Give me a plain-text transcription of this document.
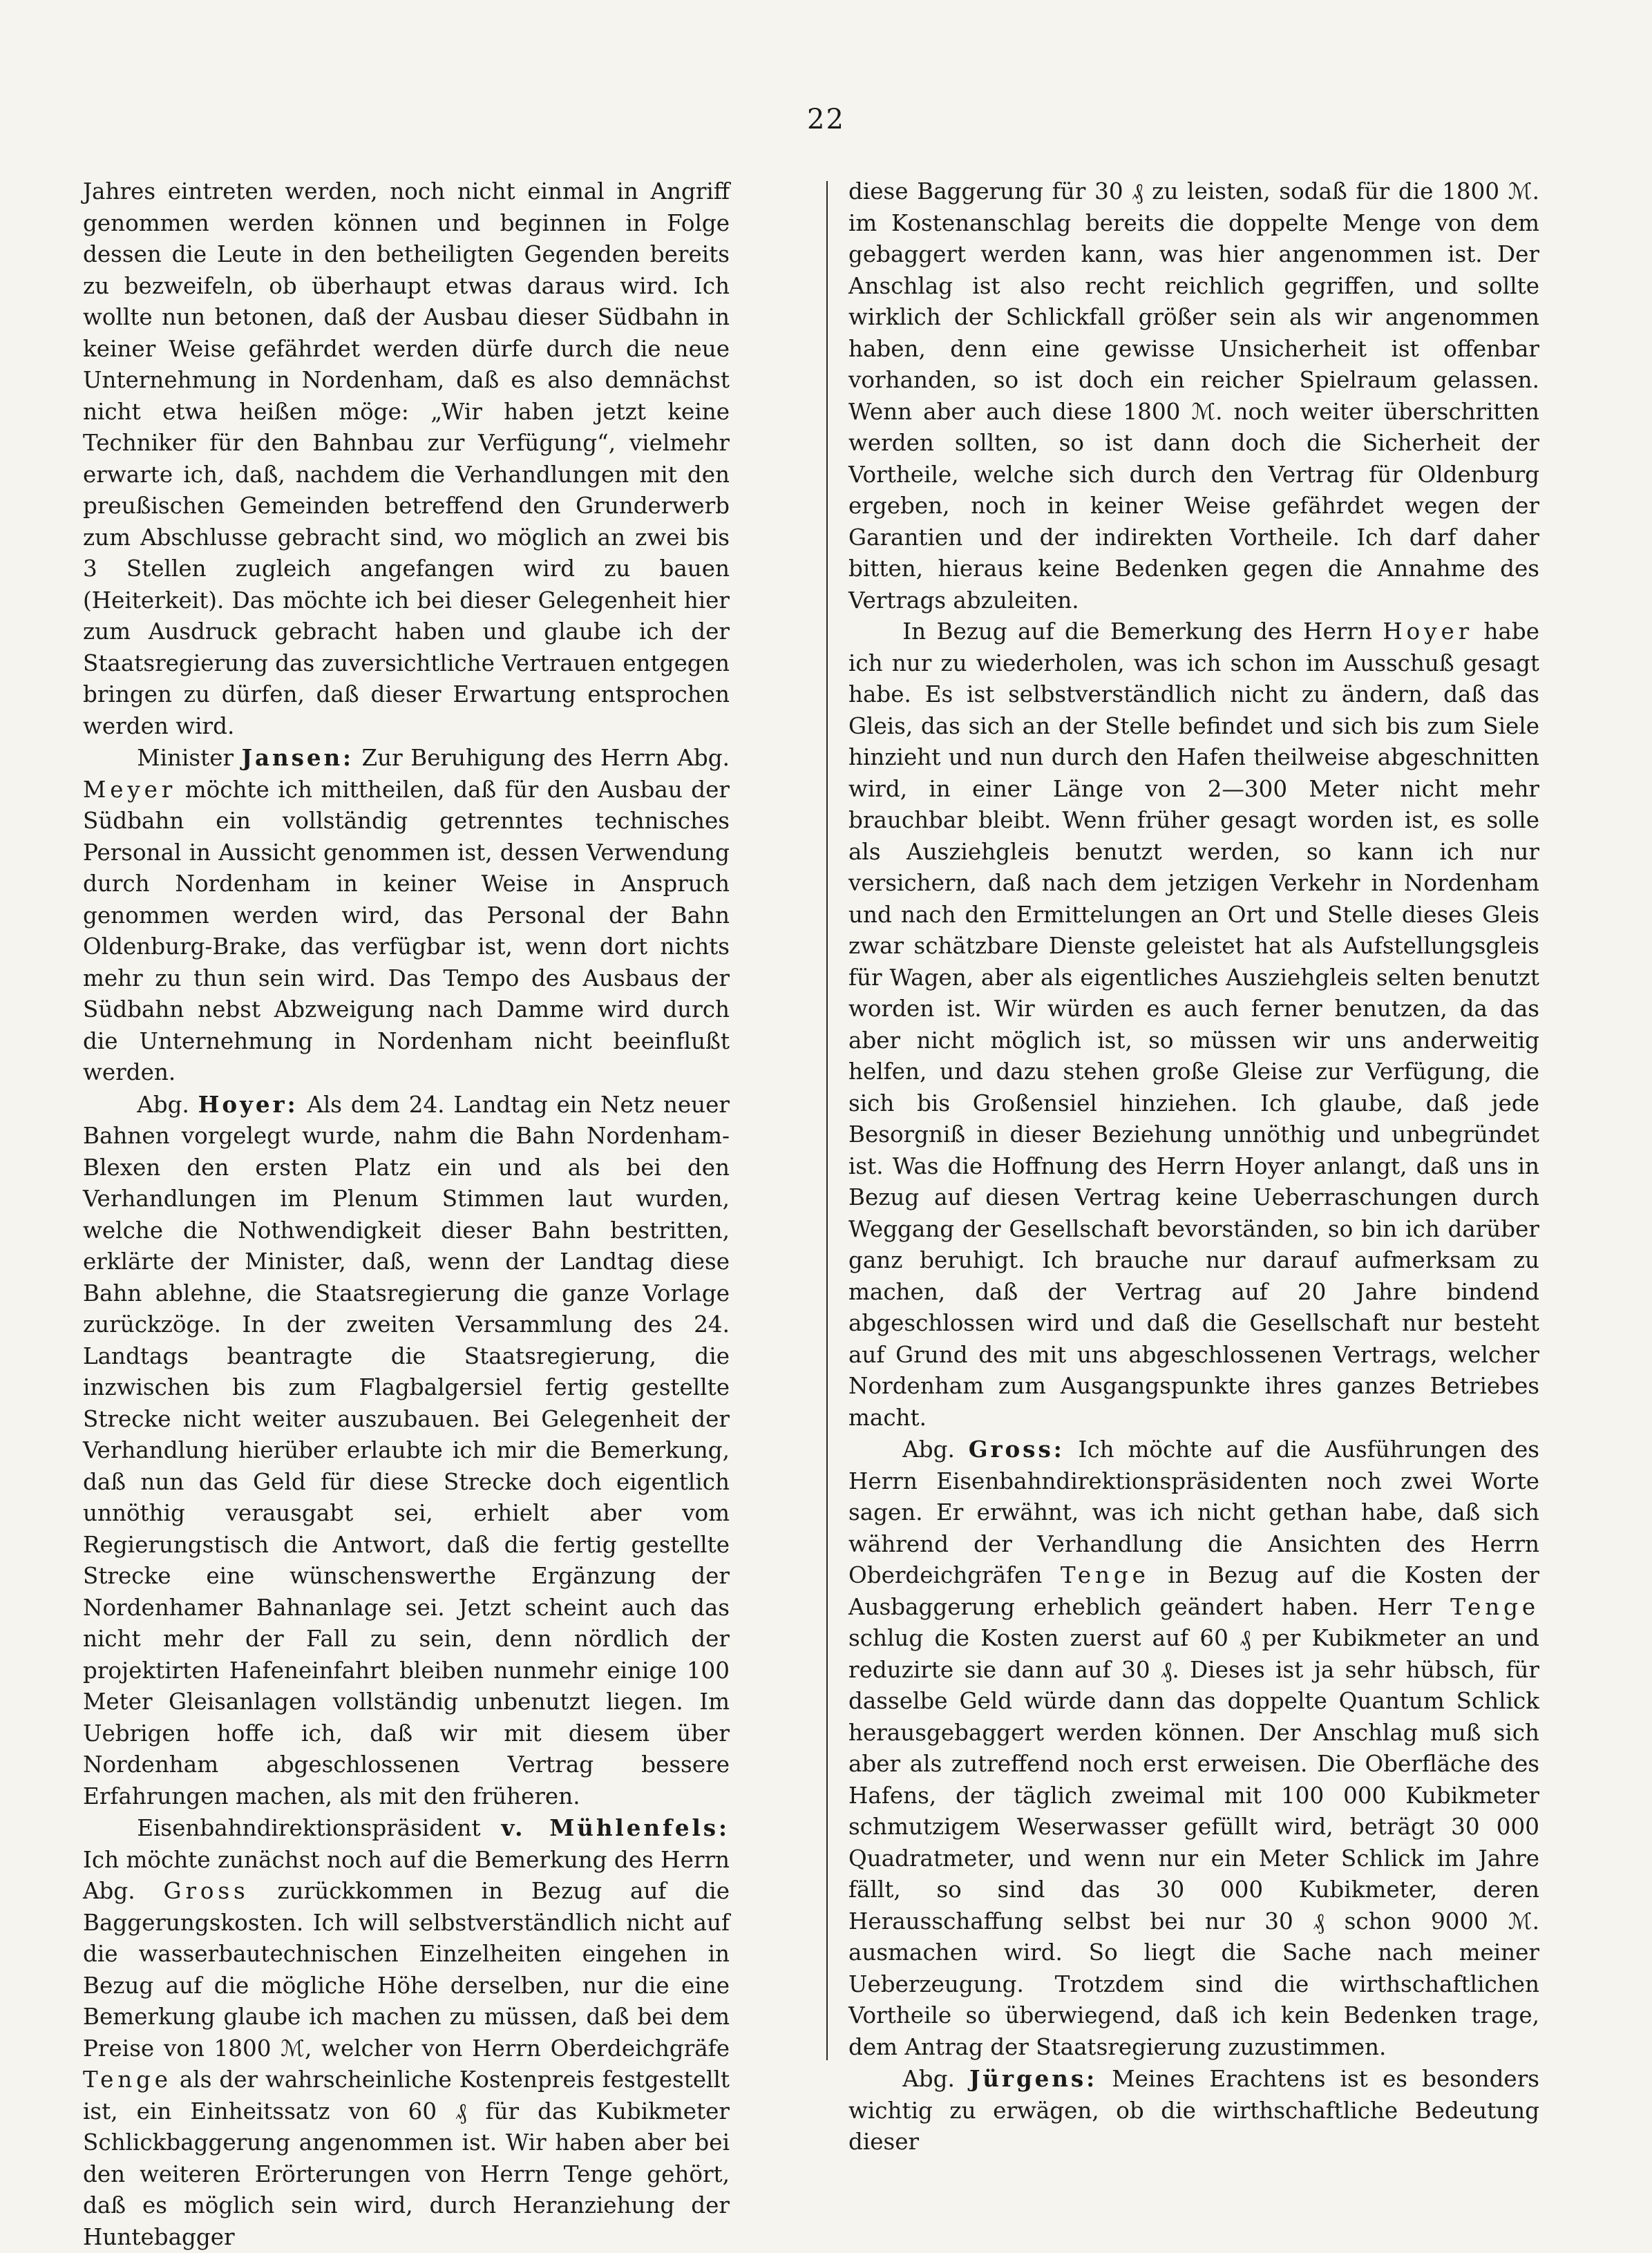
22

Jahres eintreten werden, noch nicht einmal in Angriff genommen werden können und beginnen in Folge dessen die Leute in den betheiligten Gegenden bereits zu bezweifeln, ob überhaupt etwas daraus wird. Ich wollte nun betonen, daß der Ausbau dieser Südbahn in keiner Weise gefährdet werden dürfe durch die neue Unternehmung in Nordenham, daß es also demnächst nicht etwa heißen möge: „Wir haben jetzt keine Techniker für den Bahnbau zur Verfügung“, vielmehr erwarte ich, daß, nachdem die Verhandlungen mit den preußischen Gemeinden betreffend den Grunderwerb zum Abschlusse gebracht sind, wo möglich an zwei bis 3 Stellen zugleich angefangen wird zu bauen (Heiterkeit). Das möchte ich bei dieser Gelegenheit hier zum Ausdruck gebracht haben und glaube ich der Staatsregierung das zuversichtliche Vertrauen entgegen bringen zu dürfen, daß dieser Erwartung entsprochen werden wird.

Minister Jansen: Zur Beruhigung des Herrn Abg. Meyer möchte ich mittheilen, daß für den Ausbau der Südbahn ein vollständig getrenntes technisches Personal in Aussicht genommen ist, dessen Verwendung durch Nordenham in keiner Weise in Anspruch genommen werden wird, das Personal der Bahn Oldenburg-Brake, das verfügbar ist, wenn dort nichts mehr zu thun sein wird. Das Tempo des Ausbaus der Südbahn nebst Abzweigung nach Damme wird durch die Unternehmung in Nordenham nicht beeinflußt werden.

Abg. Hoyer: Als dem 24. Landtag ein Netz neuer Bahnen vorgelegt wurde, nahm die Bahn Nordenham-Blexen den ersten Platz ein und als bei den Verhandlungen im Plenum Stimmen laut wurden, welche die Nothwendigkeit dieser Bahn bestritten, erklärte der Minister, daß, wenn der Landtag diese Bahn ablehne, die Staatsregierung die ganze Vorlage zurückzöge. In der zweiten Versammlung des 24. Landtags beantragte die Staatsregierung, die inzwischen bis zum Flagbalgersiel fertig gestellte Strecke nicht weiter auszubauen. Bei Gelegenheit der Verhandlung hierüber erlaubte ich mir die Bemerkung, daß nun das Geld für diese Strecke doch eigentlich unnöthig verausgabt sei, erhielt aber vom Regierungstisch die Antwort, daß die fertig gestellte Strecke eine wünschenswerthe Ergänzung der Nordenhamer Bahnanlage sei. Jetzt scheint auch das nicht mehr der Fall zu sein, denn nördlich der projektirten Hafeneinfahrt bleiben nunmehr einige 100 Meter Gleisanlagen vollständig unbenutzt liegen. Im Uebrigen hoffe ich, daß wir mit diesem über Nordenham abgeschlossenen Vertrag bessere Erfahrungen machen, als mit den früheren.

Eisenbahndirektionspräsident v. Mühlenfels: Ich möchte zunächst noch auf die Bemerkung des Herrn Abg. Gross zurückkommen in Bezug auf die Baggerungskosten. Ich will selbstverständlich nicht auf die wasserbautechnischen Einzelheiten eingehen in Bezug auf die mögliche Höhe derselben, nur die eine Bemerkung glaube ich machen zu müssen, daß bei dem Preise von 1800 ℳ, welcher von Herrn Oberdeichgräfe Tenge als der wahrscheinliche Kostenpreis festgestellt ist, ein Einheitssatz von 60 ₰ für das Kubikmeter Schlickbaggerung angenommen ist. Wir haben aber bei den weiteren Erörterungen von Herrn Tenge gehört, daß es möglich sein wird, durch Heranziehung der Huntebagger

diese Baggerung für 30 ₰ zu leisten, sodaß für die 1800 ℳ. im Kostenanschlag bereits die doppelte Menge von dem gebaggert werden kann, was hier angenommen ist. Der Anschlag ist also recht reichlich gegriffen, und sollte wirklich der Schlickfall größer sein als wir angenommen haben, denn eine gewisse Unsicherheit ist offenbar vorhanden, so ist doch ein reicher Spielraum gelassen. Wenn aber auch diese 1800 ℳ. noch weiter überschritten werden sollten, so ist dann doch die Sicherheit der Vortheile, welche sich durch den Vertrag für Oldenburg ergeben, noch in keiner Weise gefährdet wegen der Garantien und der indirekten Vortheile. Ich darf daher bitten, hieraus keine Bedenken gegen die Annahme des Vertrags abzuleiten.

In Bezug auf die Bemerkung des Herrn Hoyer habe ich nur zu wiederholen, was ich schon im Ausschuß gesagt habe. Es ist selbstverständlich nicht zu ändern, daß das Gleis, das sich an der Stelle befindet und sich bis zum Siele hinzieht und nun durch den Hafen theilweise abgeschnitten wird, in einer Länge von 2—300 Meter nicht mehr brauchbar bleibt. Wenn früher gesagt worden ist, es solle als Ausziehgleis benutzt werden, so kann ich nur versichern, daß nach dem jetzigen Verkehr in Nordenham und nach den Ermittelungen an Ort und Stelle dieses Gleis zwar schätzbare Dienste geleistet hat als Aufstellungsgleis für Wagen, aber als eigentliches Ausziehgleis selten benutzt worden ist. Wir würden es auch ferner benutzen, da das aber nicht möglich ist, so müssen wir uns anderweitig helfen, und dazu stehen große Gleise zur Verfügung, die sich bis Großensiel hinziehen. Ich glaube, daß jede Besorgniß in dieser Beziehung unnöthig und unbegründet ist. Was die Hoffnung des Herrn Hoyer anlangt, daß uns in Bezug auf diesen Vertrag keine Ueberraschungen durch Weggang der Gesellschaft bevorständen, so bin ich darüber ganz beruhigt. Ich brauche nur darauf aufmerksam zu machen, daß der Vertrag auf 20 Jahre bindend abgeschlossen wird und daß die Gesellschaft nur besteht auf Grund des mit uns abgeschlossenen Vertrags, welcher Nordenham zum Ausgangspunkte ihres ganzes Betriebes macht.

Abg. Gross: Ich möchte auf die Ausführungen des Herrn Eisenbahndirektionspräsidenten noch zwei Worte sagen. Er erwähnt, was ich nicht gethan habe, daß sich während der Verhandlung die Ansichten des Herrn Oberdeichgräfen Tenge in Bezug auf die Kosten der Ausbaggerung erheblich geändert haben. Herr Tenge schlug die Kosten zuerst auf 60 ₰ per Kubikmeter an und reduzirte sie dann auf 30 ₰. Dieses ist ja sehr hübsch, für dasselbe Geld würde dann das doppelte Quantum Schlick herausgebaggert werden können. Der Anschlag muß sich aber als zutreffend noch erst erweisen. Die Oberfläche des Hafens, der täglich zweimal mit 100 000 Kubikmeter schmutzigem Weserwasser gefüllt wird, beträgt 30 000 Quadratmeter, und wenn nur ein Meter Schlick im Jahre fällt, so sind das 30 000 Kubikmeter, deren Herausschaffung selbst bei nur 30 ₰ schon 9000 ℳ. ausmachen wird. So liegt die Sache nach meiner Ueberzeugung. Trotzdem sind die wirthschaftlichen Vortheile so überwiegend, daß ich kein Bedenken trage, dem Antrag der Staatsregierung zuzustimmen.

Abg. Jürgens: Meines Erachtens ist es besonders wichtig zu erwägen, ob die wirthschaftliche Bedeutung dieser
